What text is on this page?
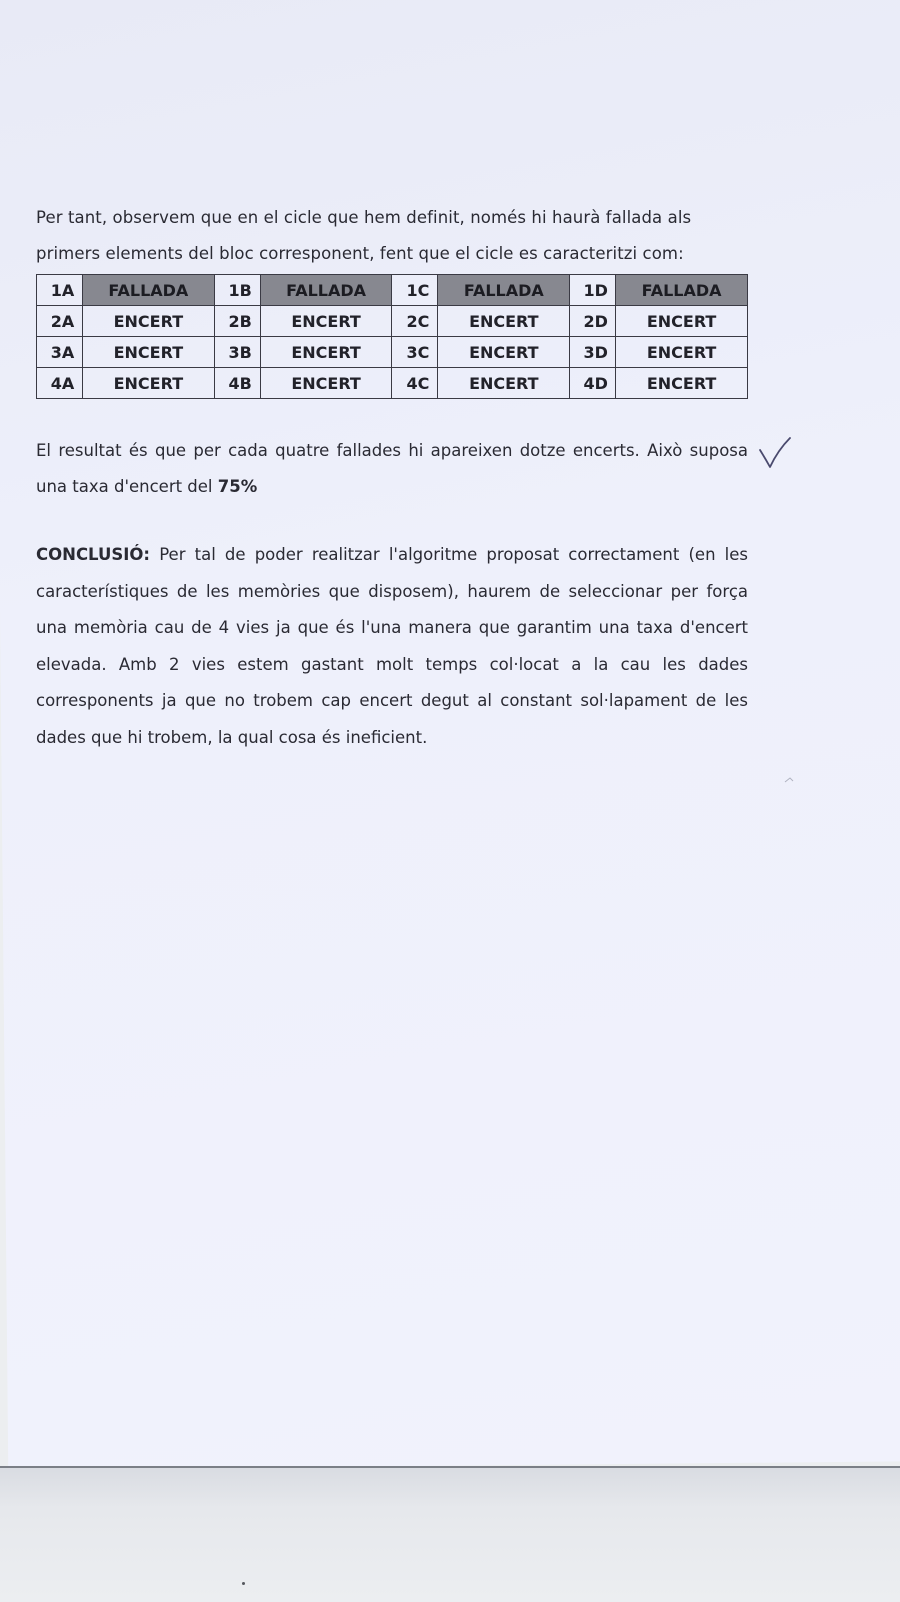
Per tant, observem que en el cicle que hem definit, només hi haurà fallada als primers elements del bloc corresponent, fent que el cicle es caracteritzi com:

1A	FALLADA	1B	FALLADA	1C	FALLADA	1D	FALLADA
2A	ENCERT	2B	ENCERT	2C	ENCERT	2D	ENCERT
3A	ENCERT	3B	ENCERT	3C	ENCERT	3D	ENCERT
4A	ENCERT	4B	ENCERT	4C	ENCERT	4D	ENCERT

El resultat és que per cada quatre fallades hi apareixen dotze encerts. Això suposa una taxa d'encert del 75%

CONCLUSIÓ: Per tal de poder realitzar l'algoritme proposat correctament (en les característiques de les memòries que disposem), haurem de seleccionar per força una memòria cau de 4 vies ja que és l'una manera que garantim una taxa d'encert elevada. Amb 2 vies estem gastant molt temps col·locat a la cau les dades corresponents ja que no trobem cap encert degut al constant sol·lapament de les dades que hi trobem, la qual cosa és ineficient.
